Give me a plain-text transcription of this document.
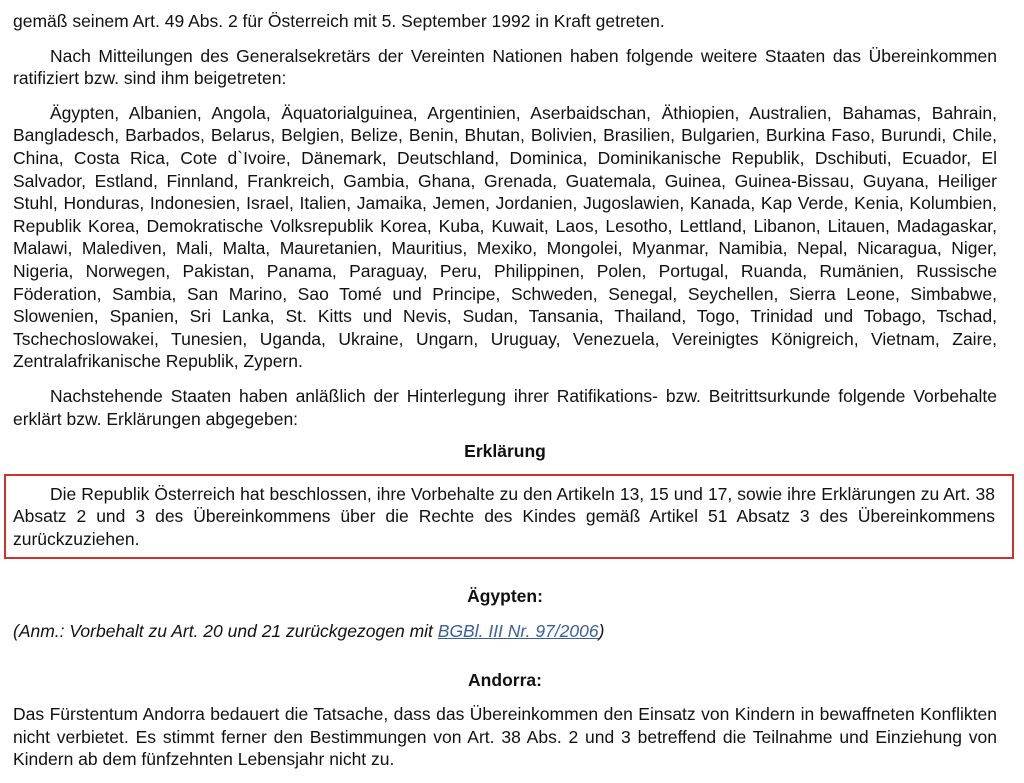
gemäß seinem Art. 49 Abs. 2 für Österreich mit 5. September 1992 in Kraft getreten.

Nach Mitteilungen des Generalsekretärs der Vereinten Nationen haben folgende weitere Staaten das Übereinkommen ratifiziert bzw. sind ihm beigetreten:

Ägypten, Albanien, Angola, Äquatorialguinea, Argentinien, Aserbaidschan, Äthiopien, Australien, Bahamas, Bahrain, Bangladesch, Barbados, Belarus, Belgien, Belize, Benin, Bhutan, Bolivien, Brasilien, Bulgarien, Burkina Faso, Burundi, Chile, China, Costa Rica, Cote d`Ivoire, Dänemark, Deutschland, Dominica, Dominikanische Republik, Dschibuti, Ecuador, El Salvador, Estland, Finnland, Frankreich, Gambia, Ghana, Grenada, Guatemala, Guinea, Guinea-Bissau, Guyana, Heiliger Stuhl, Honduras, Indonesien, Israel, Italien, Jamaika, Jemen, Jordanien, Jugoslawien, Kanada, Kap Verde, Kenia, Kolumbien, Republik Korea, Demokratische Volksrepublik Korea, Kuba, Kuwait, Laos, Lesotho, Lettland, Libanon, Litauen, Madagaskar, Malawi, Malediven, Mali, Malta, Mauretanien, Mauritius, Mexiko, Mongolei, Myanmar, Namibia, Nepal, Nicaragua, Niger, Nigeria, Norwegen, Pakistan, Panama, Paraguay, Peru, Philippinen, Polen, Portugal, Ruanda, Rumänien, Russische Föderation, Sambia, San Marino, Sao Tomé und Principe, Schweden, Senegal, Seychellen, Sierra Leone, Simbabwe, Slowenien, Spanien, Sri Lanka, St. Kitts und Nevis, Sudan, Tansania, Thailand, Togo, Trinidad und Tobago, Tschad, Tschechoslowakei, Tunesien, Uganda, Ukraine, Ungarn, Uruguay, Venezuela, Vereinigtes Königreich, Vietnam, Zaire, Zentralafrikanische Republik, Zypern.

Nachstehende Staaten haben anläßlich der Hinterlegung ihrer Ratifikations- bzw. Beitrittsurkunde folgende Vorbehalte erklärt bzw. Erklärungen abgegeben:

Erklärung

Die Republik Österreich hat beschlossen, ihre Vorbehalte zu den Artikeln 13, 15 und 17, sowie ihre Erklärungen zu Art. 38 Absatz 2 und 3 des Übereinkommens über die Rechte des Kindes gemäß Artikel 51 Absatz 3 des Übereinkommens zurückzuziehen.

Ägypten:

(Anm.: Vorbehalt zu Art. 20 und 21 zurückgezogen mit BGBl. III Nr. 97/2006)

Andorra:

Das Fürstentum Andorra bedauert die Tatsache, dass das Übereinkommen den Einsatz von Kindern in bewaffneten Konflikten nicht verbietet. Es stimmt ferner den Bestimmungen von Art. 38 Abs. 2 und 3 betreffend die Teilnahme und Einziehung von Kindern ab dem fünfzehnten Lebensjahr nicht zu.
